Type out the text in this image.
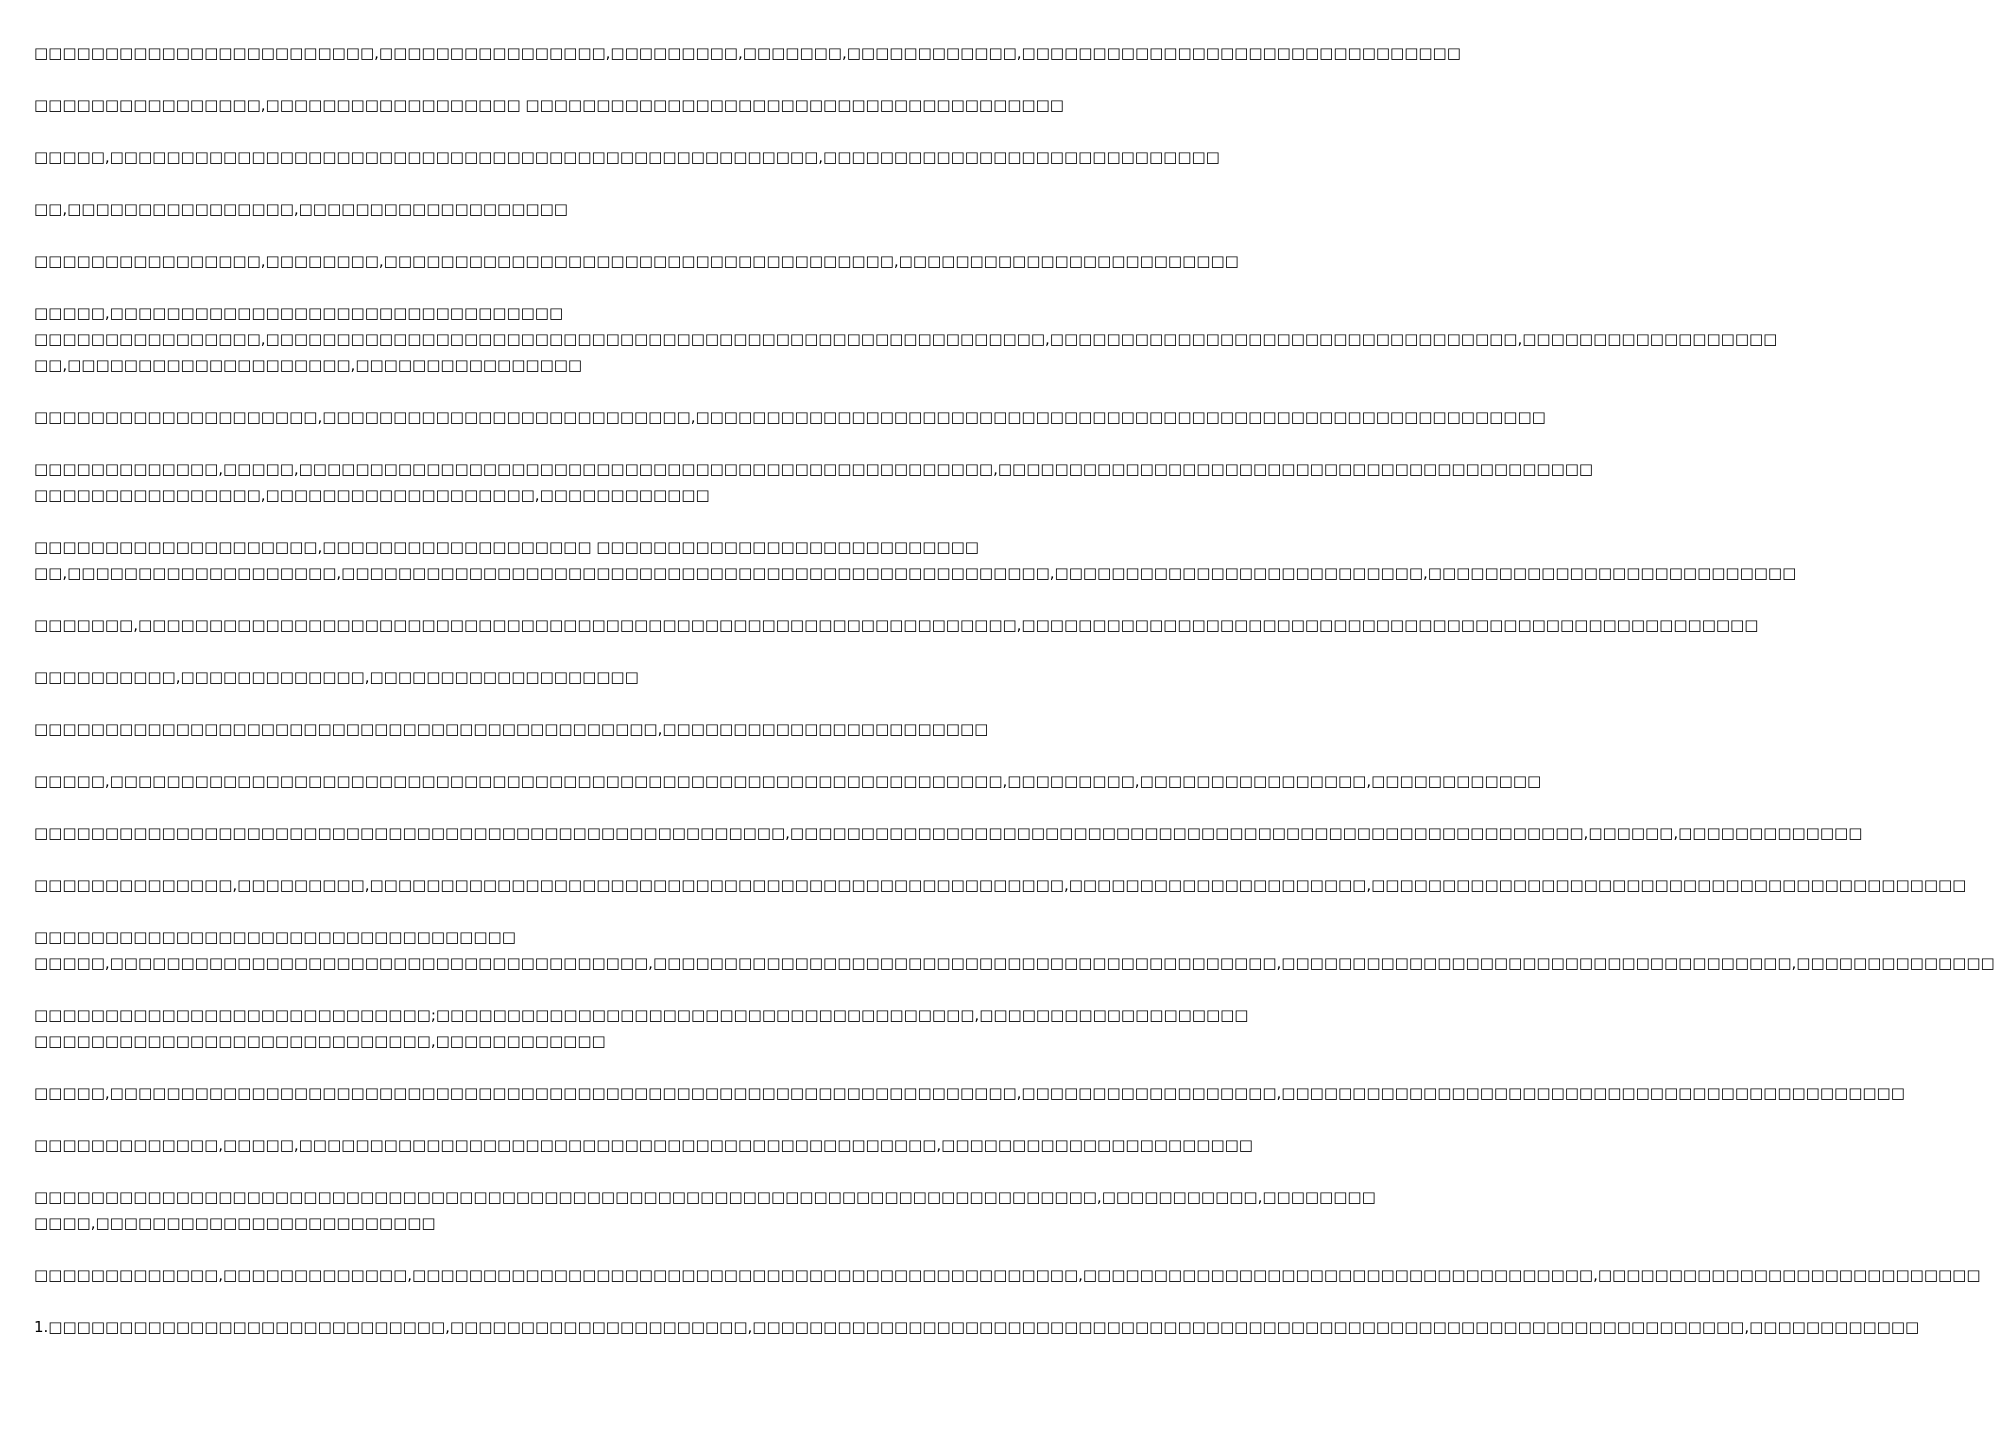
□□□□□□□□□□□□□□□□□□□□□□□□,□□□□□□□□□□□□□□□□,□□□□□□□□□,□□□□□□□,□□□□□□□□□□□□,□□□□□□□□□□□□□□□□□□□□□□□□□□□□□□□
□□□□□□□□□□□□□□□□,□□□□□□□□□□□□□□□□□□ □□□□□□□□□□□□□□□□□□□□□□□□□□□□□□□□□□□□□□
□□□□□,□□□□□□□□□□□□□□□□□□□□□□□□□□□□□□□□□□□□□□□□□□□□□□□□□□,□□□□□□□□□□□□□□□□□□□□□□□□□□□□
□□,□□□□□□□□□□□□□□□□,□□□□□□□□□□□□□□□□□□□
□□□□□□□□□□□□□□□□,□□□□□□□□,□□□□□□□□□□□□□□□□□□□□□□□□□□□□□□□□□□□□,□□□□□□□□□□□□□□□□□□□□□□□□
□□□□□,□□□□□□□□□□□□□□□□□□□□□□□□□□□□□□□□
□□□□□□□□□□□□□□□□,□□□□□□□□□□□□□□□□□□□□□□□□□□□□□□□□□□□□□□□□□□□□□□□□□□□□□□□,□□□□□□□□□□□□□□□□□□□□□□□□□□□□□□□□□,□□□□□□□□□□□□□□□□□□
□□,□□□□□□□□□□□□□□□□□□□□,□□□□□□□□□□□□□□□□
□□□□□□□□□□□□□□□□□□□□,□□□□□□□□□□□□□□□□□□□□□□□□□□,□□□□□□□□□□□□□□□□□□□□□□□□□□□□□□□□□□□□□□□□□□□□□□□□□□□□□□□□□□□□
□□□□□□□□□□□□□,□□□□□,□□□□□□□□□□□□□□□□□□□□□□□□□□□□□□□□□□□□□□□□□□□□□□□□□,□□□□□□□□□□□□□□□□□□□□□□□□□□□□□□□□□□□□□□□□□□
□□□□□□□□□□□□□□□□,□□□□□□□□□□□□□□□□□□□,□□□□□□□□□□□□
□□□□□□□□□□□□□□□□□□□□,□□□□□□□□□□□□□□□□□□□ □□□□□□□□□□□□□□□□□□□□□□□□□□□
□□,□□□□□□□□□□□□□□□□□□□,□□□□□□□□□□□□□□□□□□□□□□□□□□□□□□□□□□□□□□□□□□□□□□□□□□,□□□□□□□□□□□□□□□□□□□□□□□□□□,□□□□□□□□□□□□□□□□□□□□□□□□□□
□□□□□□□,□□□□□□□□□□□□□□□□□□□□□□□□□□□□□□□□□□□□□□□□□□□□□□□□□□□□□□□□□□□□□□,□□□□□□□□□□□□□□□□□□□□□□□□□□□□□□□□□□□□□□□□□□□□□□□□□□□□
□□□□□□□□□□,□□□□□□□□□□□□□,□□□□□□□□□□□□□□□□□□□
□□□□□□□□□□□□□□□□□□□□□□□□□□□□□□□□□□□□□□□□□□□□,□□□□□□□□□□□□□□□□□□□□□□□
□□□□□,□□□□□□□□□□□□□□□□□□□□□□□□□□□□□□□□□□□□□□□□□□□□□□□□□□□□□□□□□□□□□□□,□□□□□□□□□,□□□□□□□□□□□□□□□□,□□□□□□□□□□□□
□□□□□□□□□□□□□□□□□□□□□□□□□□□□□□□□□□□□□□□□□□□□□□□□□□□□□,□□□□□□□□□□□□□□□□□□□□□□□□□□□□□□□□□□□□□□□□□□□□□□□□□□□□□□□□,□□□□□□,□□□□□□□□□□□□□
□□□□□□□□□□□□□□,□□□□□□□□□,□□□□□□□□□□□□□□□□□□□□□□□□□□□□□□□□□□□□□□□□□□□□□□□□□,□□□□□□□□□□□□□□□□□□□□□,□□□□□□□□□□□□□□□□□□□□□□□□□□□□□□□□□□□□□□□□□□
□□□□□□□□□□□□□□□□□□□□□□□□□□□□□□□□□□
□□□□□,□□□□□□□□□□□□□□□□□□□□□□□□□□□□□□□□□□□□□□,□□□□□□□□□□□□□□□□□□□□□□□□□□□□□□□□□□□□□□□□□□□□,□□□□□□□□□□□□□□□□□□□□□□□□□□□□□□□□□□□□,□□□□□□□□□□□□□□
□□□□□□□□□□□□□□□□□□□□□□□□□□□□;□□□□□□□□□□□□□□□□□□□□□□□□□□□□□□□□□□□□□□,□□□□□□□□□□□□□□□□□□□
□□□□□□□□□□□□□□□□□□□□□□□□□□□□,□□□□□□□□□□□□
□□□□□,□□□□□□□□□□□□□□□□□□□□□□□□□□□□□□□□□□□□□□□□□□□□□□□□□□□□□□□□□□□□□□□□,□□□□□□□□□□□□□□□□□□,□□□□□□□□□□□□□□□□□□□□□□□□□□□□□□□□□□□□□□□□□□□□
□□□□□□□□□□□□□,□□□□□,□□□□□□□□□□□□□□□□□□□□□□□□□□□□□□□□□□□□□□□□□□□□□,□□□□□□□□□□□□□□□□□□□□□□
□□□□□□□□□□□□□□□□□□□□□□□□□□□□□□□□□□□□□□□□□□□□□□□□□□□□□□□□□□□□□□□□□□□□□□□□□□□,□□□□□□□□□□□,□□□□□□□□
□□□□,□□□□□□□□□□□□□□□□□□□□□□□□
□□□□□□□□□□□□□,□□□□□□□□□□□□□,□□□□□□□□□□□□□□□□□□□□□□□□□□□□□□□□□□□□□□□□□□□□□□□,□□□□□□□□□□□□□□□□□□□□□□□□□□□□□□□□□□□□,□□□□□□□□□□□□□□□□□□□□□□□□□□□
1.□□□□□□□□□□□□□□□□□□□□□□□□□□□□,□□□□□□□□□□□□□□□□□□□□□,□□□□□□□□□□□□□□□□□□□□□□□□□□□□□□□□□□□□□□□□□□□□□□□□□□□□□□□□□□□□□□□□□□□□□□,□□□□□□□□□□□□
